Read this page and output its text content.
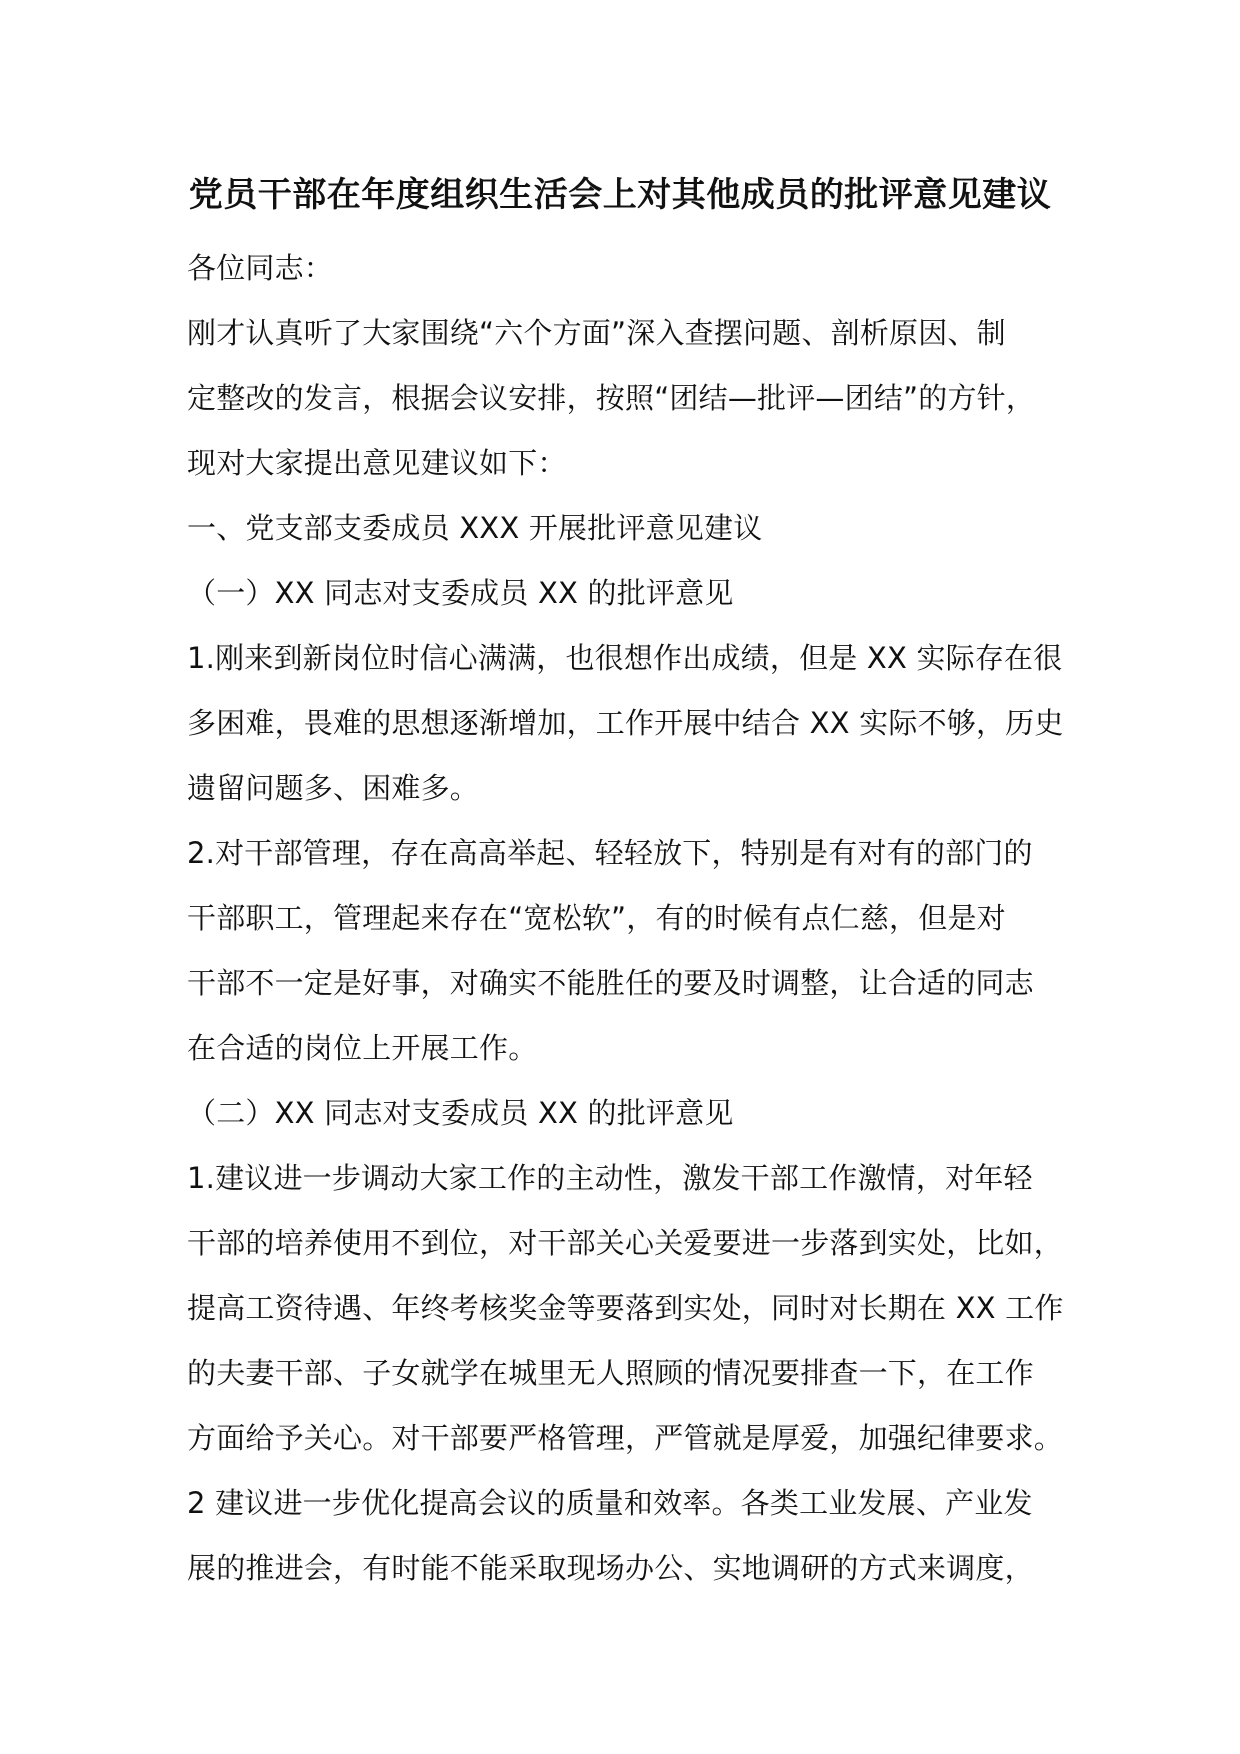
党员干部在年度组织生活会上对其他成员的批评意见建议
各位同志：
刚才认真听了大家围绕“六个方面”深入查摆问题、剖析原因、制
定整改的发言，根据会议安排，按照“团结—批评—团结”的方针，
现对大家提出意见建议如下：
一、党支部支委成员 XXX 开展批评意见建议
（一）XX 同志对支委成员 XX 的批评意见
1.刚来到新岗位时信心满满，也很想作出成绩，但是 XX 实际存在很
多困难，畏难的思想逐渐增加，工作开展中结合 XX 实际不够，历史
遗留问题多、困难多。
2.对干部管理，存在高高举起、轻轻放下，特别是有对有的部门的
干部职工，管理起来存在“宽松软”，有的时候有点仁慈，但是对
干部不一定是好事，对确实不能胜任的要及时调整，让合适的同志
在合适的岗位上开展工作。
（二）XX 同志对支委成员 XX 的批评意见
1.建议进一步调动大家工作的主动性，激发干部工作激情，对年轻
干部的培养使用不到位，对干部关心关爱要进一步落到实处，比如，
提高工资待遇、年终考核奖金等要落到实处，同时对长期在 XX 工作
的夫妻干部、子女就学在城里无人照顾的情况要排查一下，在工作
方面给予关心。对干部要严格管理，严管就是厚爱，加强纪律要求。
2 建议进一步优化提高会议的质量和效率。各类工业发展、产业发
展的推进会，有时能不能采取现场办公、实地调研的方式来调度，
